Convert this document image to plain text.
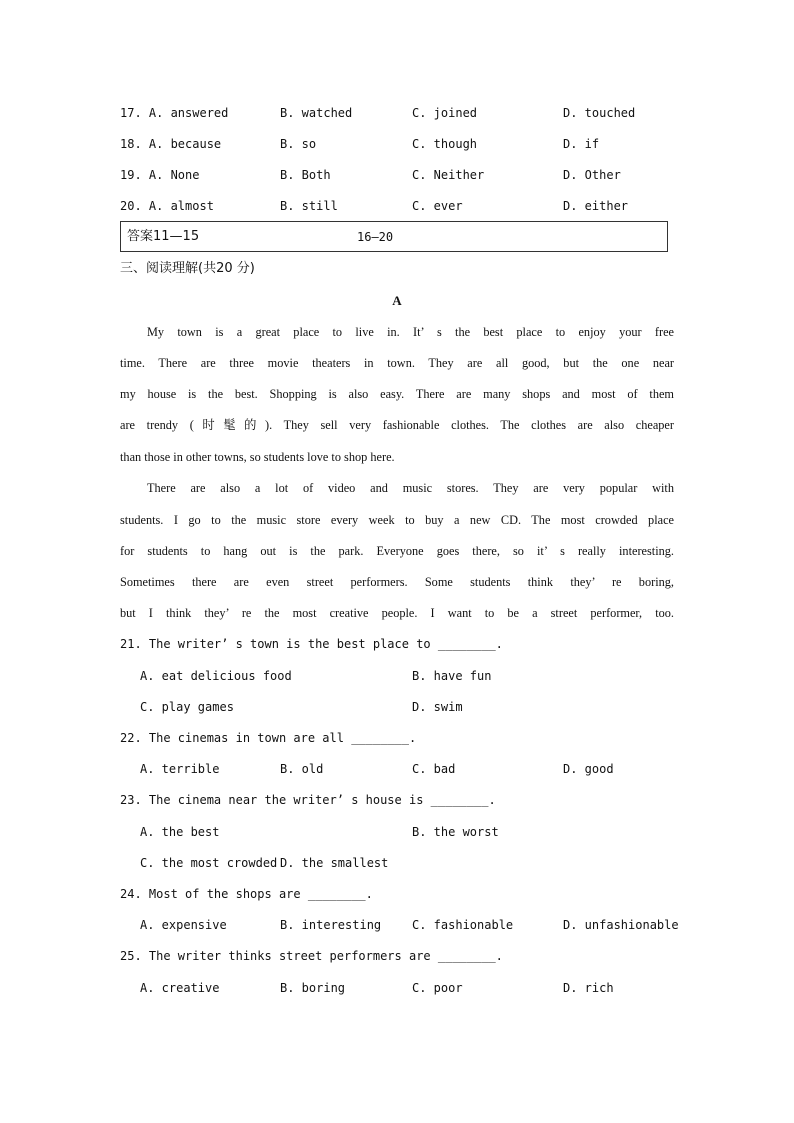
17. A. answered	B. watched	C. joined	D. touched
18. A. because	B. so	C. though	D. if
19. A. None	B. Both	C. Neither	D. Other
20. A. almost	B. still	C. ever	D. either
答案11—15	16—20
三、阅读理解(共20 分)
A
My town is a great place to live in. It’ s the best place to enjoy your free
time. There are three movie theaters in town. They are all good, but the one near
my house is the best. Shopping is also easy. There are many shops and most of them
are trendy (时髦的). They sell very fashionable clothes. The clothes are also cheaper
than those in other towns, so students love to shop here.
There are also a lot of video and music stores. They are very popular with
students. I go to the music store every week to buy a new CD. The most crowded place
for students to hang out is the park. Everyone goes there, so it’ s really interesting.
Sometimes there are even street performers. Some students think they’ re boring,
but I think they’ re the most creative people. I want to be a street performer, too.
21. The writer’ s town is the best place to ________.
A. eat delicious food	B. have fun
C. play games	D. swim
22. The cinemas in town are all ________.
A. terrible	B. old	C. bad	D. good
23. The cinema near the writer’ s house is ________.
A. the best	B. the worst
C. the most crowded D. the smallest
24. Most of the shops are ________.
A. expensive	B. interesting	C. fashionable	D. unfashionable
25. The writer thinks street performers are ________.
A. creative	B. boring	C. poor	D. rich
